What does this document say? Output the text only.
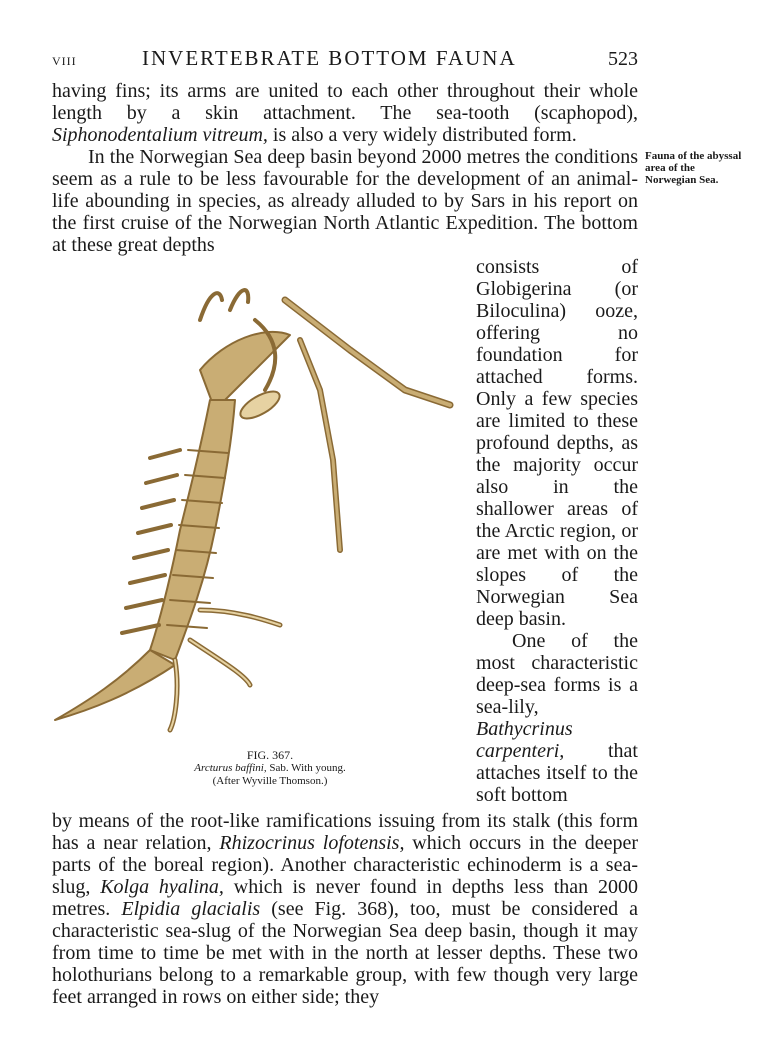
VIII	INVERTEBRATE BOTTOM FAUNA	523

having fins; its arms are united to each other throughout their whole length by a skin attachment. The sea-tooth (scaphopod), Siphonodentalium vitreum, is also a very widely distributed form.

In the Norwegian Sea deep basin beyond 2000 metres the conditions seem as a rule to be less favourable for the development of an animal-life abounding in species, as already alluded to by Sars in his report on the first cruise of the Norwegian North Atlantic Expedition. The bottom at these great depths

Fauna of the abyssal area of the Norwegian Sea.

consists of Globigerina (or Biloculina) ooze, offering no foundation for attached forms. Only a few species are limited to these profound depths, as the majority occur also in the shallower areas of the Arctic region, or are met with on the slopes of the Norwegian Sea deep basin.

One of the most characteristic deep-sea forms is a sea-lily, Bathycrinus carpenteri, that attaches itself to the soft bottom

FIG. 367.
Arcturus baffini, Sab. With young.
(After Wyville Thomson.)

by means of the root-like ramifications issuing from its stalk (this form has a near relation, Rhizocrinus lofotensis, which occurs in the deeper parts of the boreal region). Another characteristic echinoderm is a sea-slug, Kolga hyalina, which is never found in depths less than 2000 metres. Elpidia glacialis (see Fig. 368), too, must be considered a characteristic sea-slug of the Norwegian Sea deep basin, though it may from time to time be met with in the north at lesser depths. These two holothurians belong to a remarkable group, with few though very large feet arranged in rows on either side; they
